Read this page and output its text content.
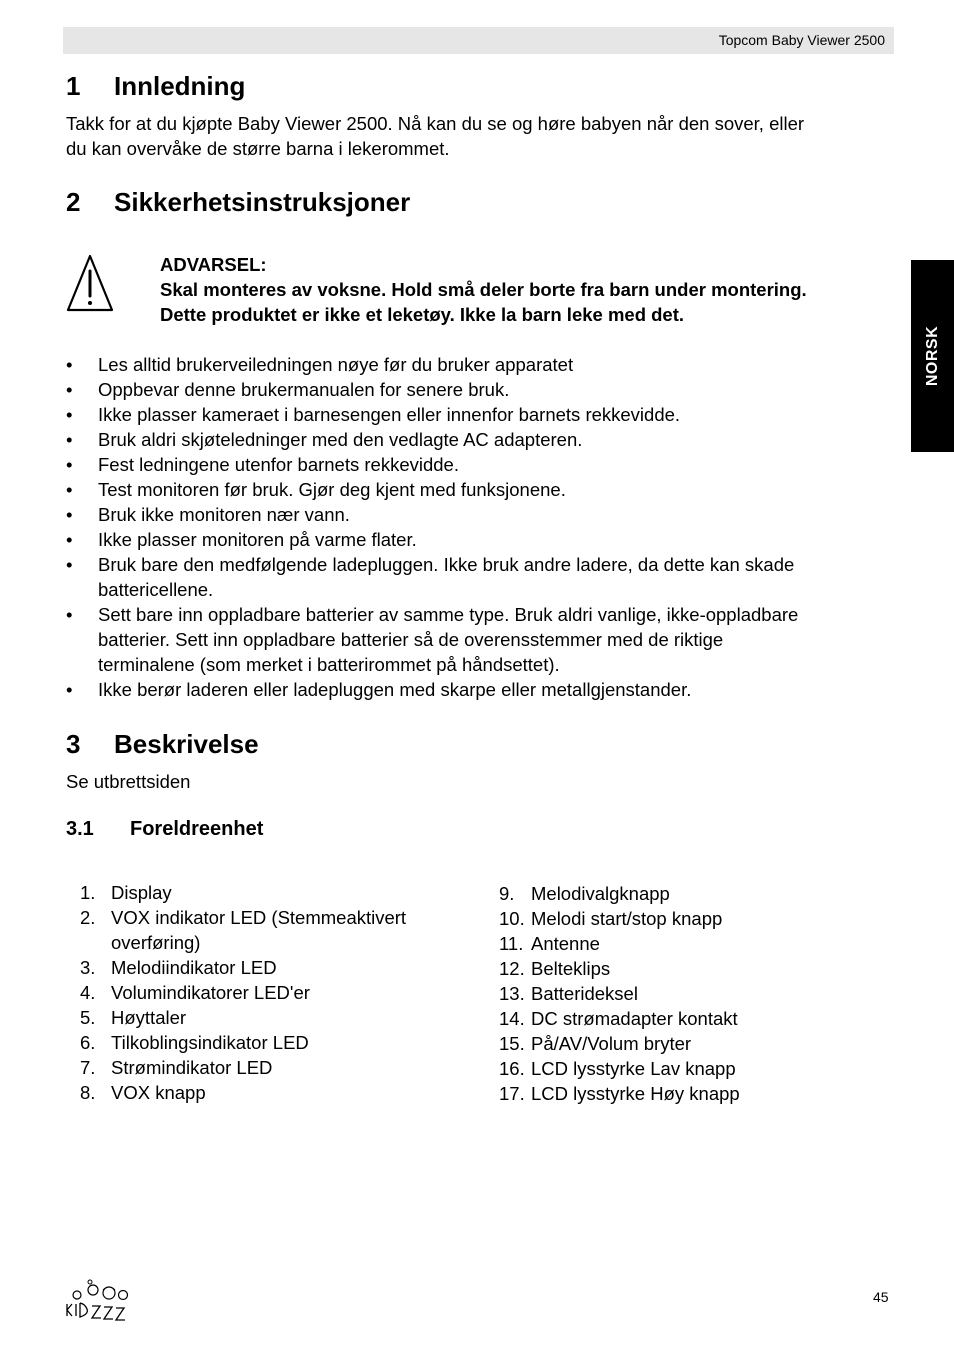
Topcom Baby Viewer 2500
NORSK
1	Innledning

Takk for at du kjøpte Baby Viewer 2500. Nå kan du se og høre babyen når den sover, eller
du kan overvåke de større barna i lekerommet.

2	Sikkerhetsinstruksjoner
ADVARSEL:
Skal monteres av voksne. Hold små deler borte fra barn under montering.
Dette produktet er ikke et leketøy. Ikke la barn leke med det.
• Les alltid brukerveiledningen nøye før du bruker apparatet
• Oppbevar denne brukermanualen for senere bruk.
• Ikke plasser kameraet i barnesengen eller innenfor barnets rekkevidde.
• Bruk aldri skjøteledninger med den vedlagte AC adapteren.
• Fest ledningene utenfor barnets rekkevidde.
• Test monitoren før bruk. Gjør deg kjent med funksjonene.
• Bruk ikke monitoren nær vann.
• Ikke plasser monitoren på varme flater.
• Bruk bare den medfølgende ladepluggen. Ikke bruk andre ladere, da dette kan skade
battericellene.
• Sett bare inn oppladbare batterier av samme type. Bruk aldri vanlige, ikke-oppladbare
batterier. Sett inn oppladbare batterier så de overensstemmer med de riktige
terminalene (som merket i batterirommet på håndsettet).
• Ikke berør laderen eller ladepluggen med skarpe eller metallgjenstander.
3	Beskrivelse

Se utbrettsiden

3.1	Foreldreenhet
1. Display
2. VOX indikator LED (Stemmeaktivert
overføring)
3. Melodiindikator LED
4. Volumindikatorer LED'er
5. Høyttaler
6. Tilkoblingsindikator LED
7. Strømindikator LED
8. VOX knapp
9. Melodivalgknapp
10. Melodi start/stop knapp
11. Antenne
12. Belteklips
13. Batterideksel
14. DC strømadapter kontakt
15. På/AV/Volum bryter
16. LCD lysstyrke Lav knapp
17. LCD lysstyrke Høy knapp
45
